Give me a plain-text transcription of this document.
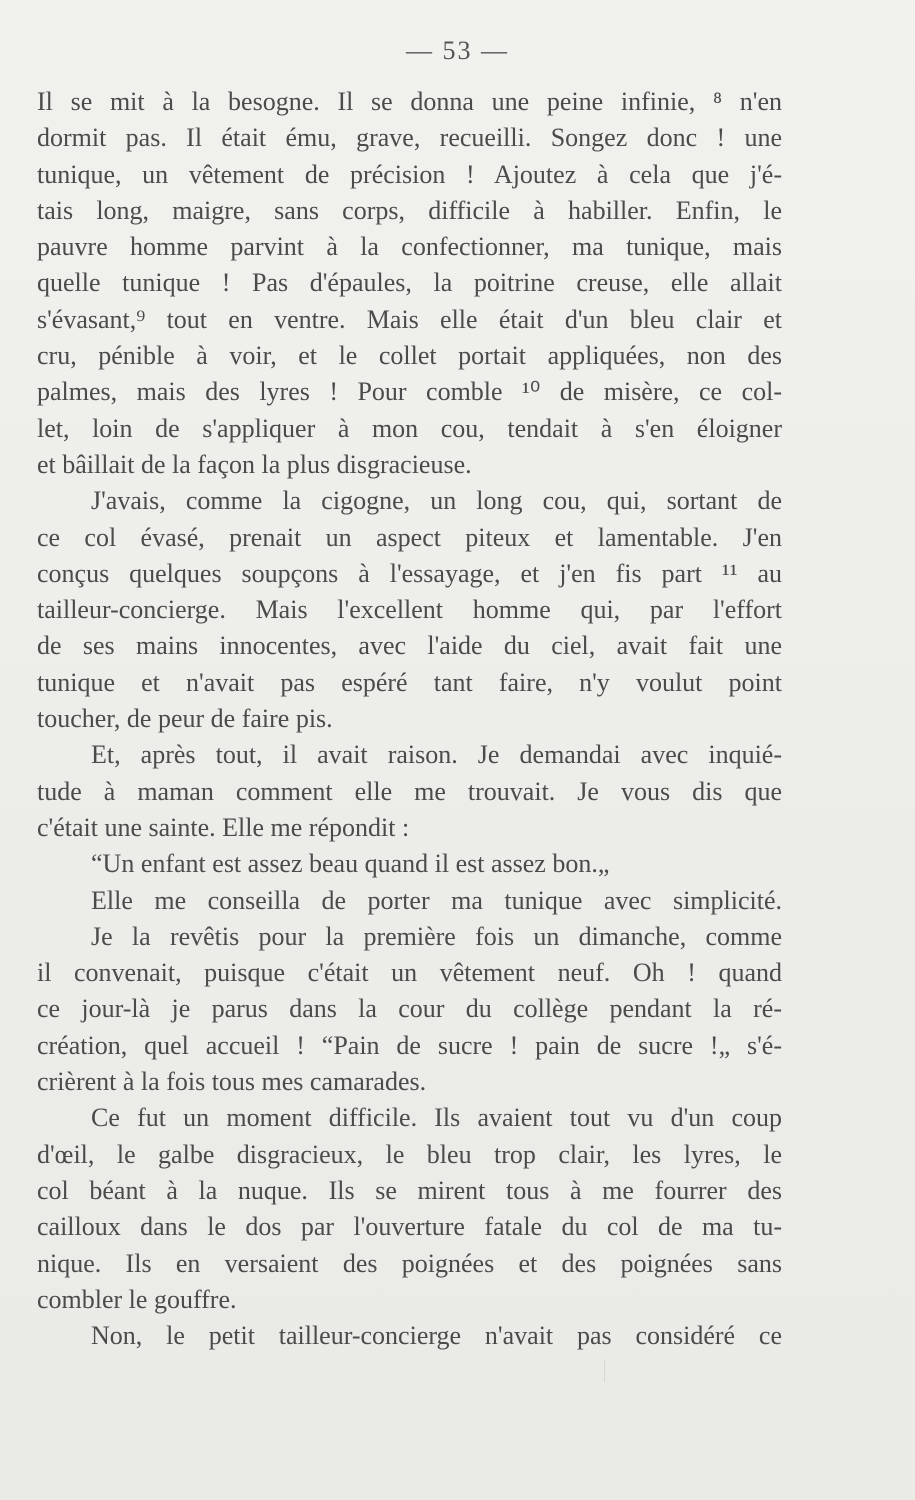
— 53 —
Il se mit à la besogne. Il se donna une peine infinie, ⁸ n'en
dormit pas. Il était ému, grave, recueilli. Songez donc ! une
tunique, un vêtement de précision ! Ajoutez à cela que j'é-
tais long, maigre, sans corps, difficile à habiller. Enfin, le
pauvre homme parvint à la confectionner, ma tunique, mais
quelle tunique ! Pas d'épaules, la poitrine creuse, elle allait
s'évasant,⁹ tout en ventre. Mais elle était d'un bleu clair et
cru, pénible à voir, et le collet portait appliquées, non des
palmes, mais des lyres ! Pour comble ¹⁰ de misère, ce col-
let, loin de s'appliquer à mon cou, tendait à s'en éloigner
et bâillait de la façon la plus disgracieuse.
J'avais, comme la cigogne, un long cou, qui, sortant de
ce col évasé, prenait un aspect piteux et lamentable. J'en
conçus quelques soupçons à l'essayage, et j'en fis part ¹¹ au
tailleur-concierge. Mais l'excellent homme qui, par l'effort
de ses mains innocentes, avec l'aide du ciel, avait fait une
tunique et n'avait pas espéré tant faire, n'y voulut point
toucher, de peur de faire pis.
Et, après tout, il avait raison. Je demandai avec inquié-
tude à maman comment elle me trouvait. Je vous dis que
c'était une sainte. Elle me répondit :
“Un enfant est assez beau quand il est assez bon.„
Elle me conseilla de porter ma tunique avec simplicité.
Je la revêtis pour la première fois un dimanche, comme
il convenait, puisque c'était un vêtement neuf. Oh ! quand
ce jour-là je parus dans la cour du collège pendant la ré-
création, quel accueil ! “Pain de sucre ! pain de sucre !„ s'é-
crièrent à la fois tous mes camarades.
Ce fut un moment difficile. Ils avaient tout vu d'un coup
d'œil, le galbe disgracieux, le bleu trop clair, les lyres, le
col béant à la nuque. Ils se mirent tous à me fourrer des
cailloux dans le dos par l'ouverture fatale du col de ma tu-
nique. Ils en versaient des poignées et des poignées sans
combler le gouffre.
Non, le petit tailleur-concierge n'avait pas considéré ce
